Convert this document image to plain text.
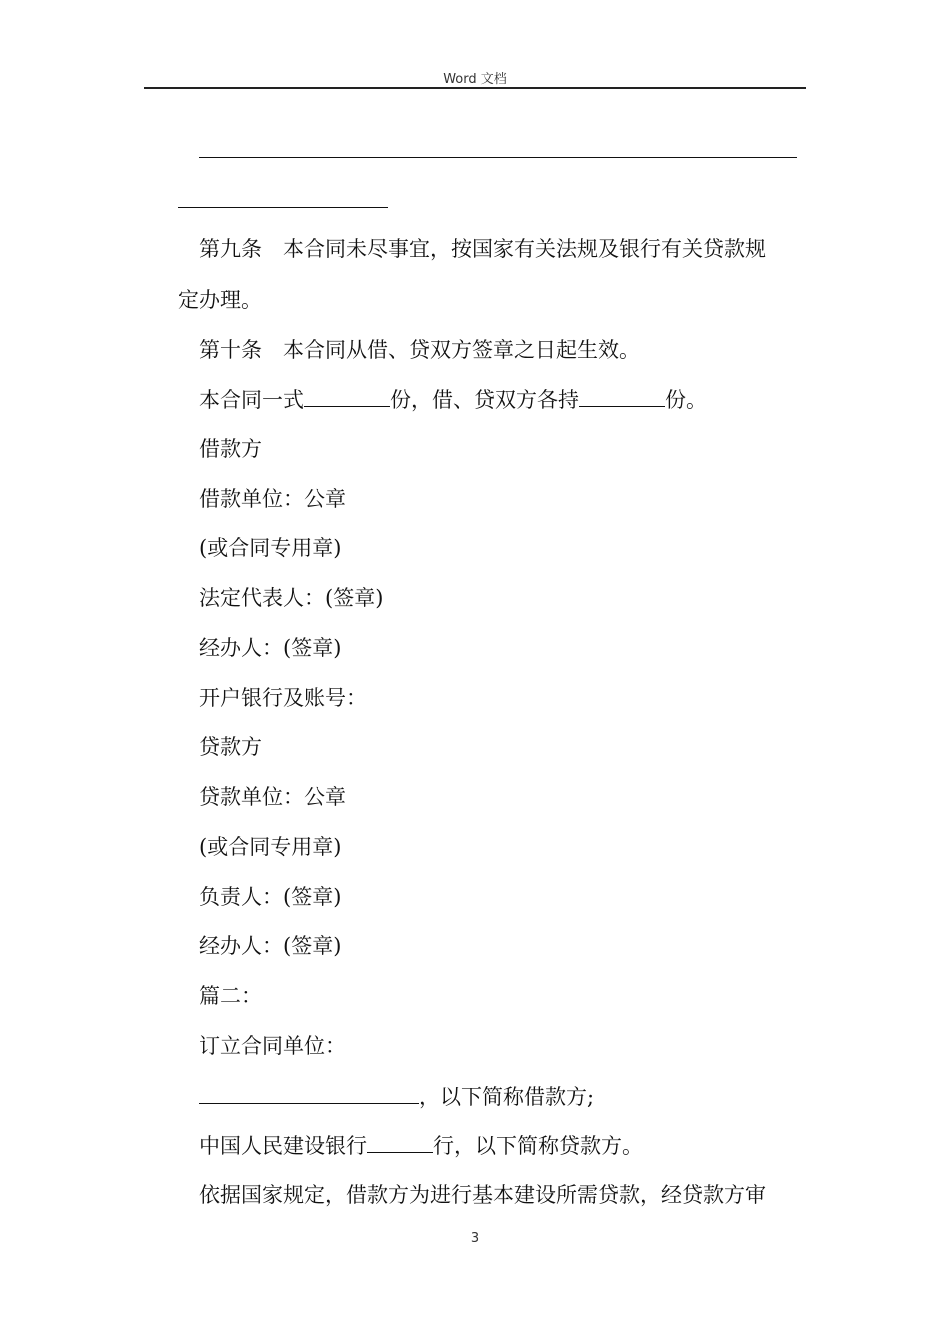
Word 文档
第九条　本合同未尽事宜，按国家有关法规及银行有关贷款规
定办理。
第十条　本合同从借、贷双方签章之日起生效。
本合同一式	份，借、贷双方各持	份。
借款方
借款单位：公章
(或合同专用章)
法定代表人：(签章)
经办人：(签章)
开户银行及账号：
贷款方
贷款单位：公章
(或合同专用章)
负责人：(签章)
经办人：(签章)
篇二：
订立合同单位：
，以下简称借款方;
中国人民建设银行	行，以下简称贷款方。
依据国家规定，借款方为进行基本建设所需贷款，经贷款方审
3
